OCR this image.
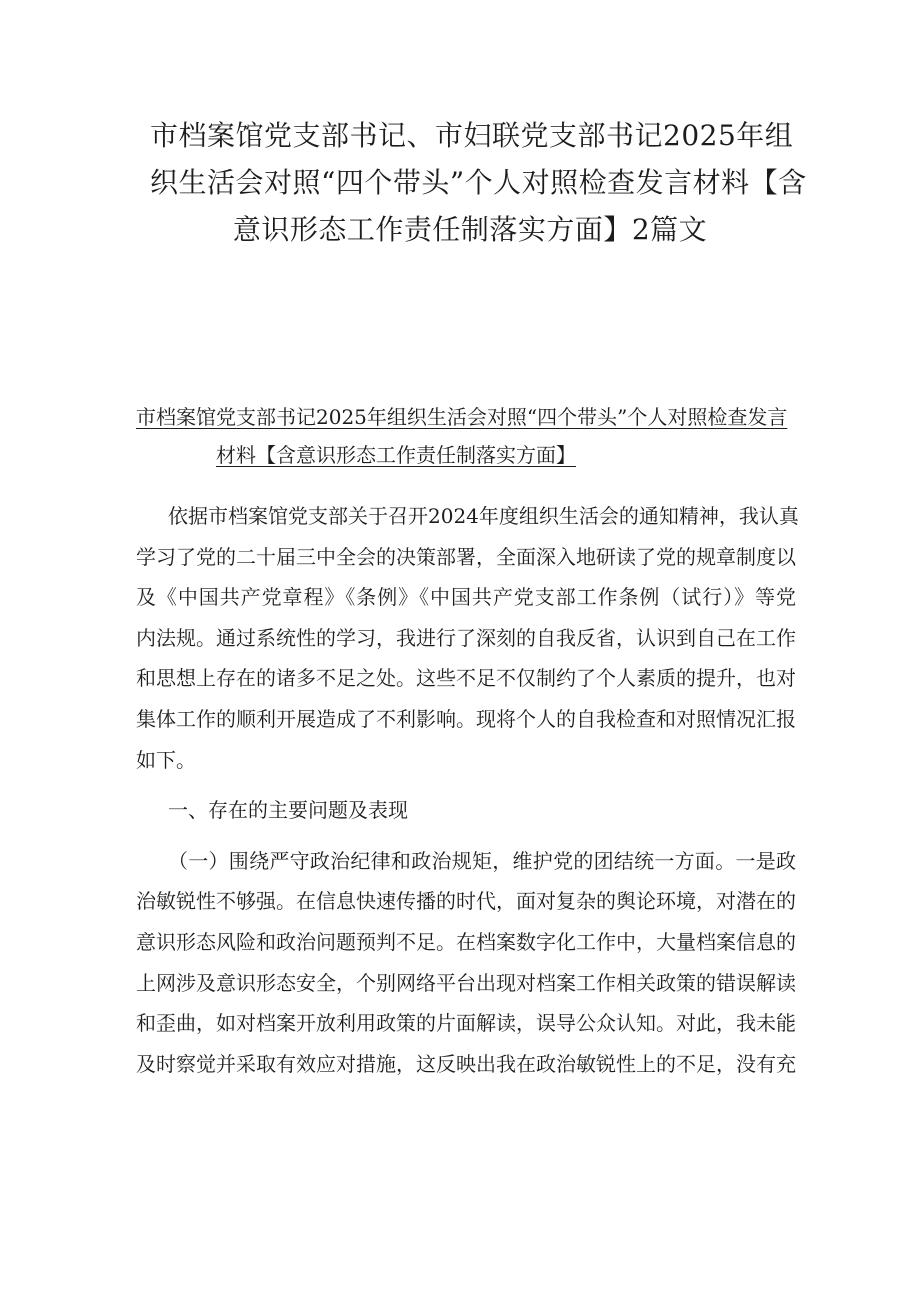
市档案馆党支部书记、市妇联党支部书记2025年组
织生活会对照“四个带头”个人对照检查发言材料【含
意识形态工作责任制落实方面】2篇文
市档案馆党支部书记2025年组织生活会对照“四个带头”个人对照检查发言
材料【含意识形态工作责任制落实方面】
依据市档案馆党支部关于召开2024年度组织生活会的通知精神，我认真
学习了党的二十届三中全会的决策部署，全面深入地研读了党的规章制度以
及《中国共产党章程》《条例》《中国共产党支部工作条例（试行）》等党
内法规。通过系统性的学习，我进行了深刻的自我反省，认识到自己在工作
和思想上存在的诸多不足之处。这些不足不仅制约了个人素质的提升，也对
集体工作的顺利开展造成了不利影响。现将个人的自我检查和对照情况汇报
如下。
一、存在的主要问题及表现
（一）围绕严守政治纪律和政治规矩，维护党的团结统一方面。一是政
治敏锐性不够强。在信息快速传播的时代，面对复杂的舆论环境，对潜在的
意识形态风险和政治问题预判不足。在档案数字化工作中，大量档案信息的
上网涉及意识形态安全，个别网络平台出现对档案工作相关政策的错误解读
和歪曲，如对档案开放利用政策的片面解读，误导公众认知。对此，我未能
及时察觉并采取有效应对措施，这反映出我在政治敏锐性上的不足，没有充
